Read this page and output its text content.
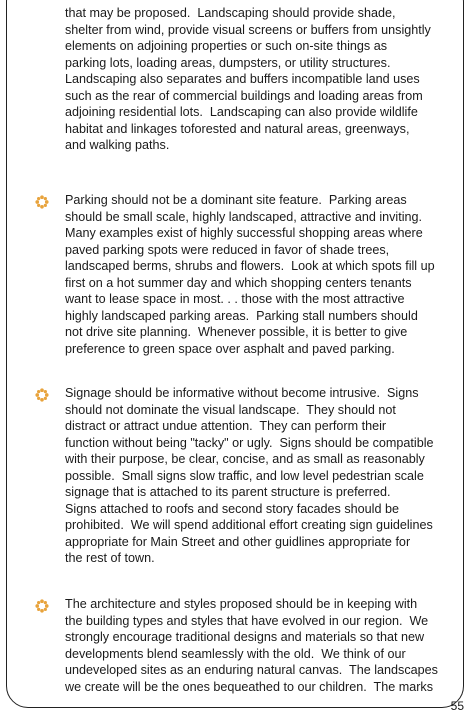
that may be proposed.  Landscaping should provide shade,
shelter from wind, provide visual screens or buffers from unsightly
elements on adjoining properties or such on-site things as
parking lots, loading areas, dumpsters, or utility structures.
Landscaping also separates and buffers incompatible land uses
such as the rear of commercial buildings and loading areas from
adjoining residential lots.  Landscaping can also provide wildlife
habitat and linkages toforested and natural areas, greenways,
and walking paths.
Parking should not be a dominant site feature.  Parking areas
should be small scale, highly landscaped, attractive and inviting.
Many examples exist of highly successful shopping areas where
paved parking spots were reduced in favor of shade trees,
landscaped berms, shrubs and flowers.  Look at which spots fill up
first on a hot summer day and which shopping centers tenants
want to lease space in most. . . those with the most attractive
highly landscaped parking areas.  Parking stall numbers should
not drive site planning.  Whenever possible, it is better to give
preference to green space over asphalt and paved parking.
Signage should be informative without become intrusive.  Signs
should not dominate the visual landscape.  They should not
distract or attract undue attention.  They can perform their
function without being "tacky" or ugly.  Signs should be compatible
with their purpose, be clear, concise, and as small as reasonably
possible.  Small signs slow traffic, and low level pedestrian scale
signage that is attached to its parent structure is preferred.
Signs attached to roofs and second story facades should be
prohibited.  We will spend additional effort creating sign guidelines
appropriate for Main Street and other guidlines appropriate for
the rest of town.
The architecture and styles proposed should be in keeping with
the building types and styles that have evolved in our region.  We
strongly encourage traditional designs and materials so that new
developments blend seamlessly with the old.  We think of our
undeveloped sites as an enduring natural canvas.  The landscapes
we create will be the ones bequeathed to our children.  The marks
55
